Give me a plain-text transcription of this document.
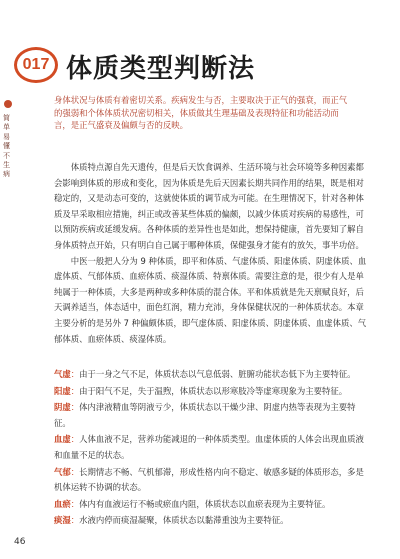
简单易懂不生病
017 体质类型判断法
身体状况与体质有着密切关系。疾病发生与否，主要取决于正气的强衰，而正气的强弱和个体体质状况密切相关，体质做其生理基础及表现特征和功能活动而言，是正气盛衰及偏颇与否的反映。

体质特点源自先天遗传，但是后天饮食调养、生活环境与社会环境等多种因素都会影响到体质的形成和变化，因为体质是先后天因素长期共同作用的结果，既是相对稳定的，又是动态可变的，这就使体质的调节成为可能。在生理情况下，针对各种体质及早采取相应措施，纠正或改善某些体质的偏颇，以减少体质对疾病的易感性，可以预防疾病或延缓发病。各种体质的差异性也是如此，想保持健康，首先要知了解自身体质特点开始，只有明白自己属于哪种体质，保健强身才能有的放矢，事半功倍。

中医一般把人分为 9 种体质，即平和体质、气虚体质、阳虚体质、阴虚体质、血虚体质、气郁体质、血瘀体质、痰湿体质、特禀体质。需要注意的是，很少有人是单纯属于一种体质，大多是两种或多种体质的混合体。平和体质就是先天禀赋良好，后天调养适当，体态适中，面色红润，精力充沛，身体保健状况的一种体质状态。本章主要分析的是另外 7 种偏颇体质，即气虚体质、阳虚体质、阴虚体质、血虚体质、气郁体质、血瘀体质、痰湿体质。

气虚：由于一身之气不足，体质状态以气息低弱、脏腑功能状态低下为主要特征。
阳虚：由于阳气不足，失于温煦，体质状态以形寒肢冷等虚寒现象为主要特征。
阴虚：体内津液精血等阴液亏少，体质状态以干燥少津、阴虚内热等表现为主要特征。
血虚：人体血液不足，营养功能减退的一种体质类型。血虚体质的人体会出现血质液和血量不足的状态。
气郁：长期情志不畅、气机郁滞，形成性格内向不稳定、敏感多疑的体质形态，多是机体运转不协调的状态。
血瘀：体内有血液运行不畅或瘀血内阻，体质状态以血瘀表现为主要特征。
痰湿：水液内停而痰湿凝聚，体质状态以黏滞重浊为主要特征。
46
